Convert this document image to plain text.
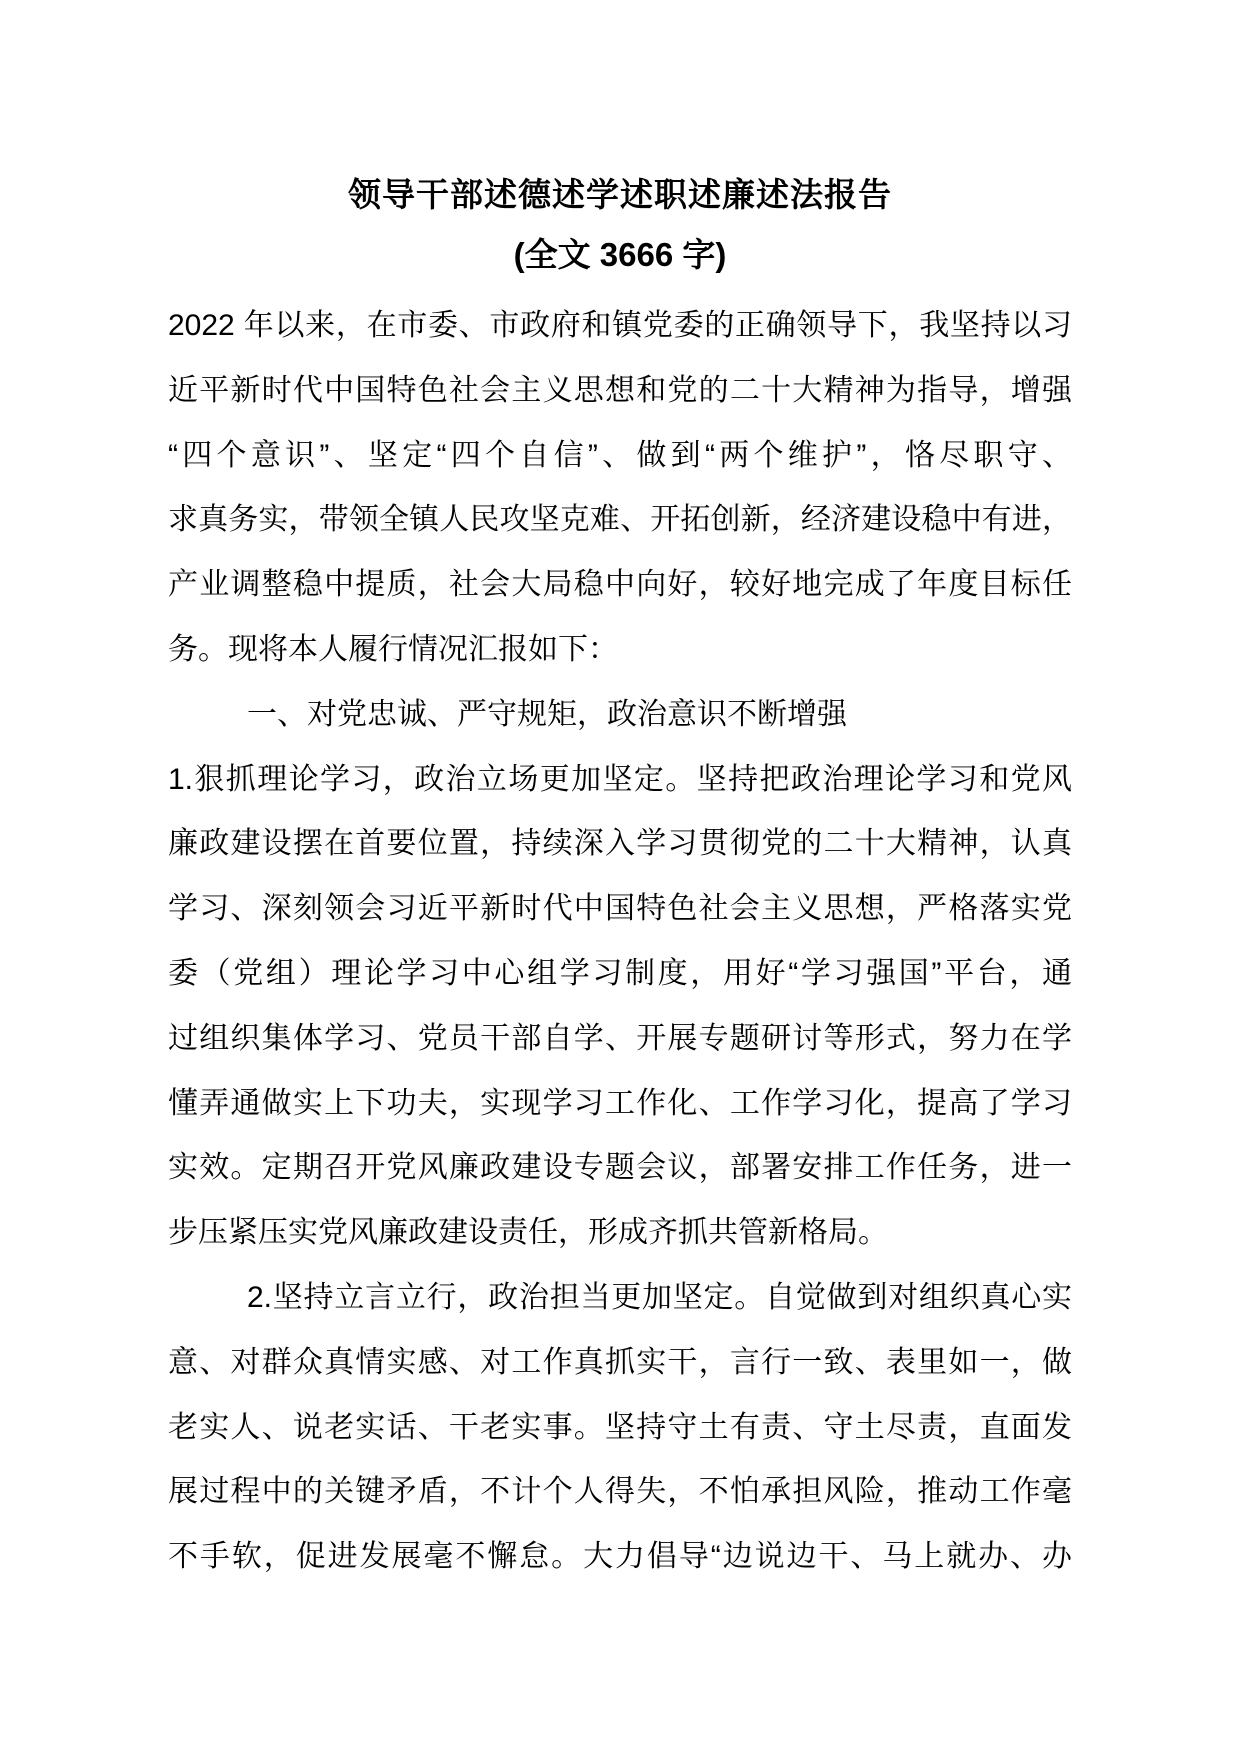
领导干部述德述学述职述廉述法报告
(全文 3666 字)
2022 年以来，在市委、市政府和镇党委的正确领导下，我坚持以习
近平新时代中国特色社会主义思想和党的二十大精神为指导，增强
“四个意识”、坚定“四个自信”、做到“两个维护”，恪尽职守、
求真务实，带领全镇人民攻坚克难、开拓创新，经济建设稳中有进，
产业调整稳中提质，社会大局稳中向好，较好地完成了年度目标任
务。现将本人履行情况汇报如下：
一、对党忠诚、严守规矩，政治意识不断增强
1.狠抓理论学习，政治立场更加坚定。坚持把政治理论学习和党风
廉政建设摆在首要位置，持续深入学习贯彻党的二十大精神，认真
学习、深刻领会习近平新时代中国特色社会主义思想，严格落实党
委（党组）理论学习中心组学习制度，用好“学习强国”平台，通
过组织集体学习、党员干部自学、开展专题研讨等形式，努力在学
懂弄通做实上下功夫，实现学习工作化、工作学习化，提高了学习
实效。定期召开党风廉政建设专题会议，部署安排工作任务，进一
步压紧压实党风廉政建设责任，形成齐抓共管新格局。
2.坚持立言立行，政治担当更加坚定。自觉做到对组织真心实
意、对群众真情实感、对工作真抓实干，言行一致、表里如一，做
老实人、说老实话、干老实事。坚持守土有责、守土尽责，直面发
展过程中的关键矛盾，不计个人得失，不怕承担风险，推动工作毫
不手软，促进发展毫不懈怠。大力倡导“边说边干、马上就办、办
